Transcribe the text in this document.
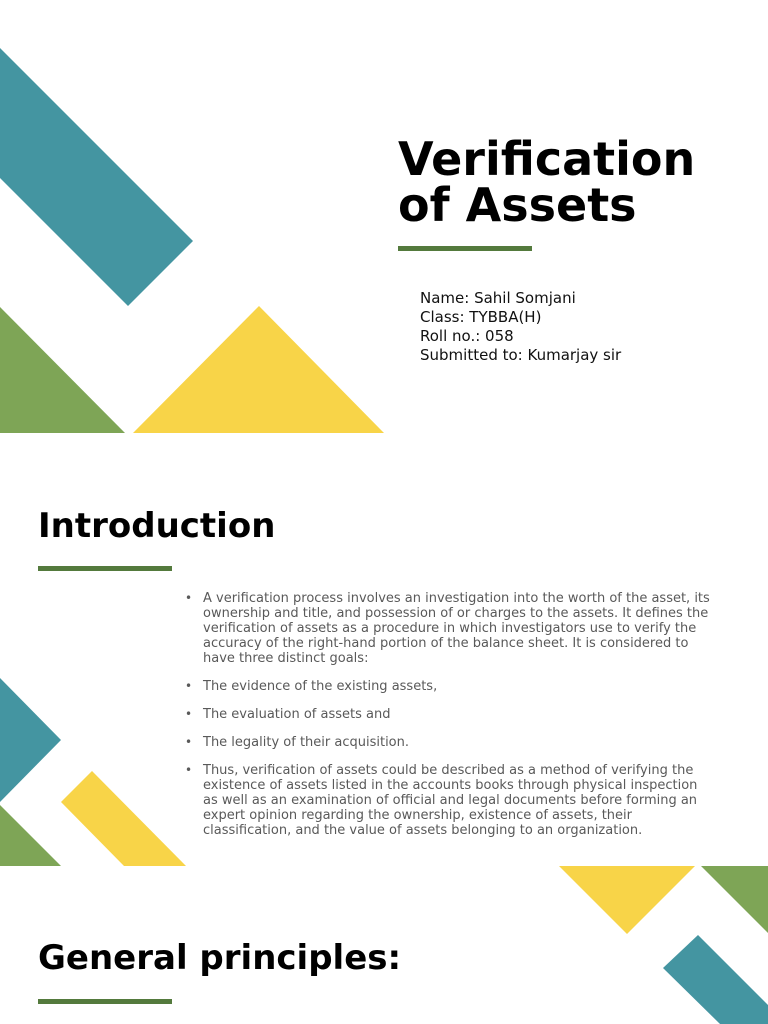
Verification
of Assets
Name: Sahil Somjani
Class: TYBBA(H)
Roll no.: 058
Submitted to: Kumarjay sir
Introduction
• A verification process involves an investigation into the worth of the asset, its ownership and title, and possession of or charges to the assets. It defines the verification of assets as a procedure in which investigators use to verify the accuracy of the right-hand portion of the balance sheet. It is considered to have three distinct goals:
• The evidence of the existing assets,
• The evaluation of assets and
• The legality of their acquisition.
• Thus, verification of assets could be described as a method of verifying the existence of assets listed in the accounts books through physical inspection as well as an examination of official and legal documents before forming an expert opinion regarding the ownership, existence of assets, their classification, and the value of assets belonging to an organization.
General principles:
